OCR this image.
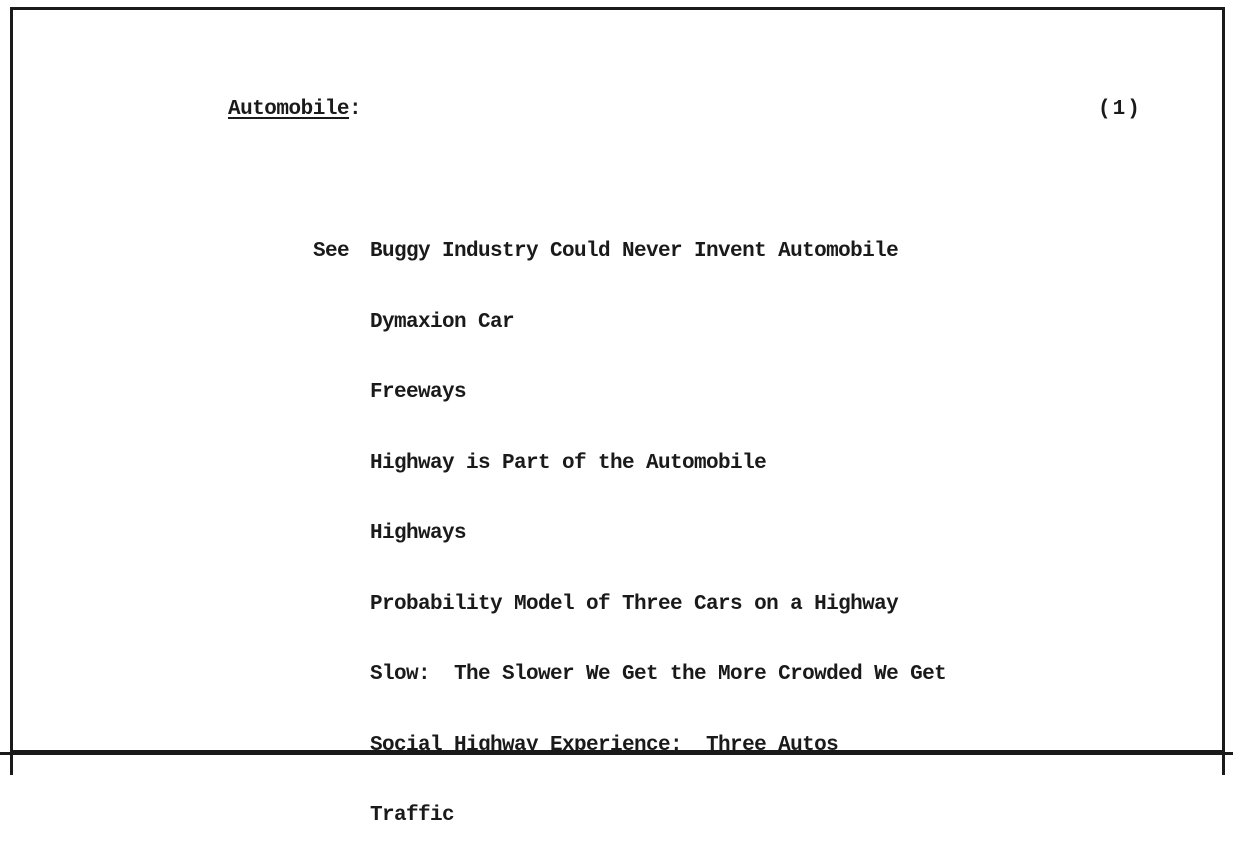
Automobile:	(1)

See Buggy Industry Could Never Invent Automobile

Dymaxion Car

Freeways

Highway is Part of the Automobile

Highways

Probability Model of Three Cars on a Highway

Slow:  The Slower We Get the More Crowded We Get

Social Highway Experience:  Three Autos

Traffic
